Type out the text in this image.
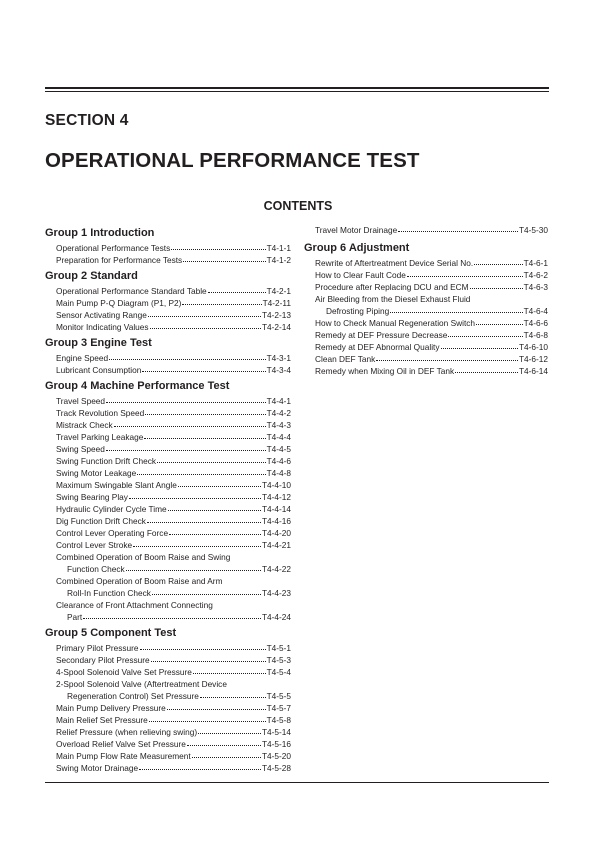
SECTION 4
OPERATIONAL PERFORMANCE TEST
CONTENTS
Group 1 Introduction
Operational Performance Tests	T4-1-1
Preparation for Performance Tests	T4-1-2
Group 2 Standard
Operational Performance Standard Table	T4-2-1
Main Pump P-Q Diagram (P1, P2)	T4-2-11
Sensor Activating Range	T4-2-13
Monitor Indicating Values	T4-2-14
Group 3 Engine Test
Engine Speed	T4-3-1
Lubricant Consumption	T4-3-4
Group 4 Machine Performance Test
Travel Speed	T4-4-1
Track Revolution Speed	T4-4-2
Mistrack Check	T4-4-3
Travel Parking Leakage	T4-4-4
Swing Speed	T4-4-5
Swing Function Drift Check	T4-4-6
Swing Motor Leakage	T4-4-8
Maximum Swingable Slant Angle	T4-4-10
Swing Bearing Play	T4-4-12
Hydraulic Cylinder Cycle Time	T4-4-14
Dig Function Drift Check	T4-4-16
Control Lever Operating Force	T4-4-20
Control Lever Stroke	T4-4-21
Combined Operation of Boom Raise and Swing
Function Check	T4-4-22
Combined Operation of Boom Raise and Arm
Roll-In Function Check	T4-4-23
Clearance of Front Attachment Connecting
Part	T4-4-24
Group 5 Component Test
Primary Pilot Pressure	T4-5-1
Secondary Pilot Pressure	T4-5-3
4-Spool Solenoid Valve Set Pressure	T4-5-4
2-Spool Solenoid Valve (Aftertreatment Device
Regeneration Control) Set Pressure	T4-5-5
Main Pump Delivery Pressure	T4-5-7
Main Relief Set Pressure	T4-5-8
Relief Pressure (when relieving swing)	T4-5-14
Overload Relief Valve Set Pressure	T4-5-16
Main Pump Flow Rate Measurement	T4-5-20
Swing Motor Drainage	T4-5-28
Travel Motor Drainage	T4-5-30
Group 6 Adjustment
Rewrite of Aftertreatment Device Serial No.	T4-6-1
How to Clear Fault Code	T4-6-2
Procedure after Replacing DCU and ECM	T4-6-3
Air Bleeding from the Diesel Exhaust Fluid
Defrosting Piping	T4-6-4
How to Check Manual Regeneration Switch	T4-6-6
Remedy at DEF Pressure Decrease	T4-6-8
Remedy at DEF Abnormal Quality	T4-6-10
Clean DEF Tank	T4-6-12
Remedy when Mixing Oil in DEF Tank	T4-6-14
